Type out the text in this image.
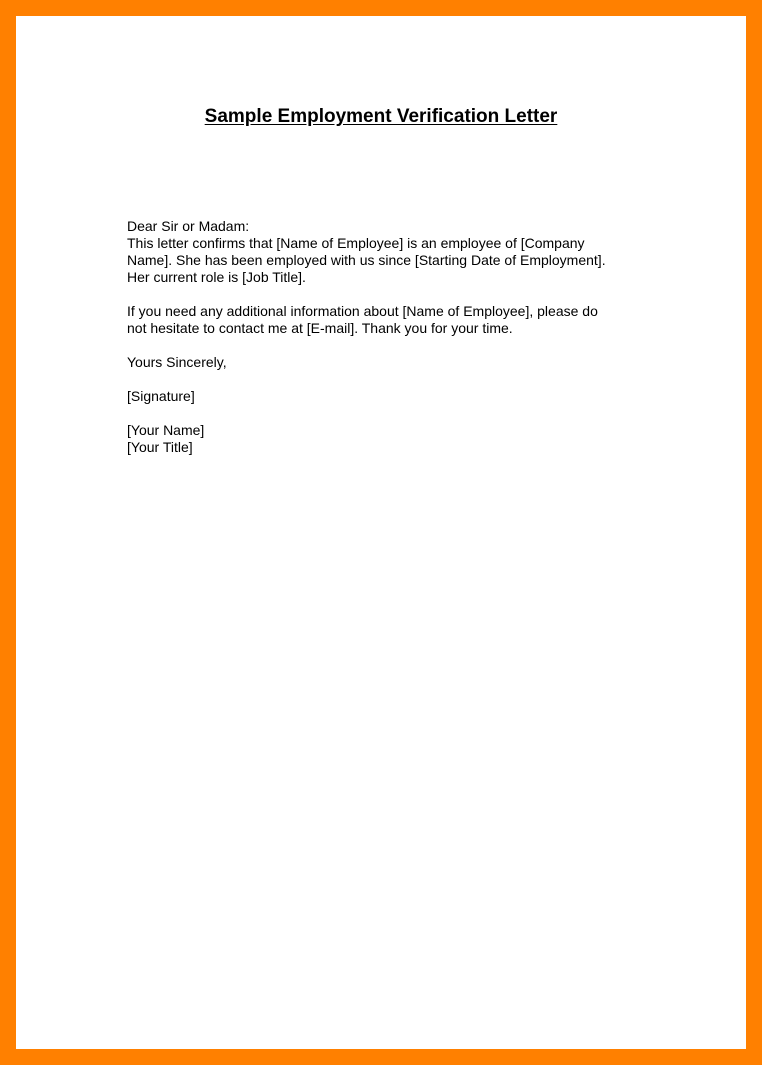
Sample Employment Verification Letter
Dear Sir or Madam:

This letter confirms that [Name of Employee] is an employee of [Company
Name]. She has been employed with us since [Starting Date of Employment].
Her current role is [Job Title].

If you need any additional information about [Name of Employee], please do
not hesitate to contact me at [E-mail]. Thank you for your time.

Yours Sincerely,
[Signature]
[Your Name]
[Your Title]
